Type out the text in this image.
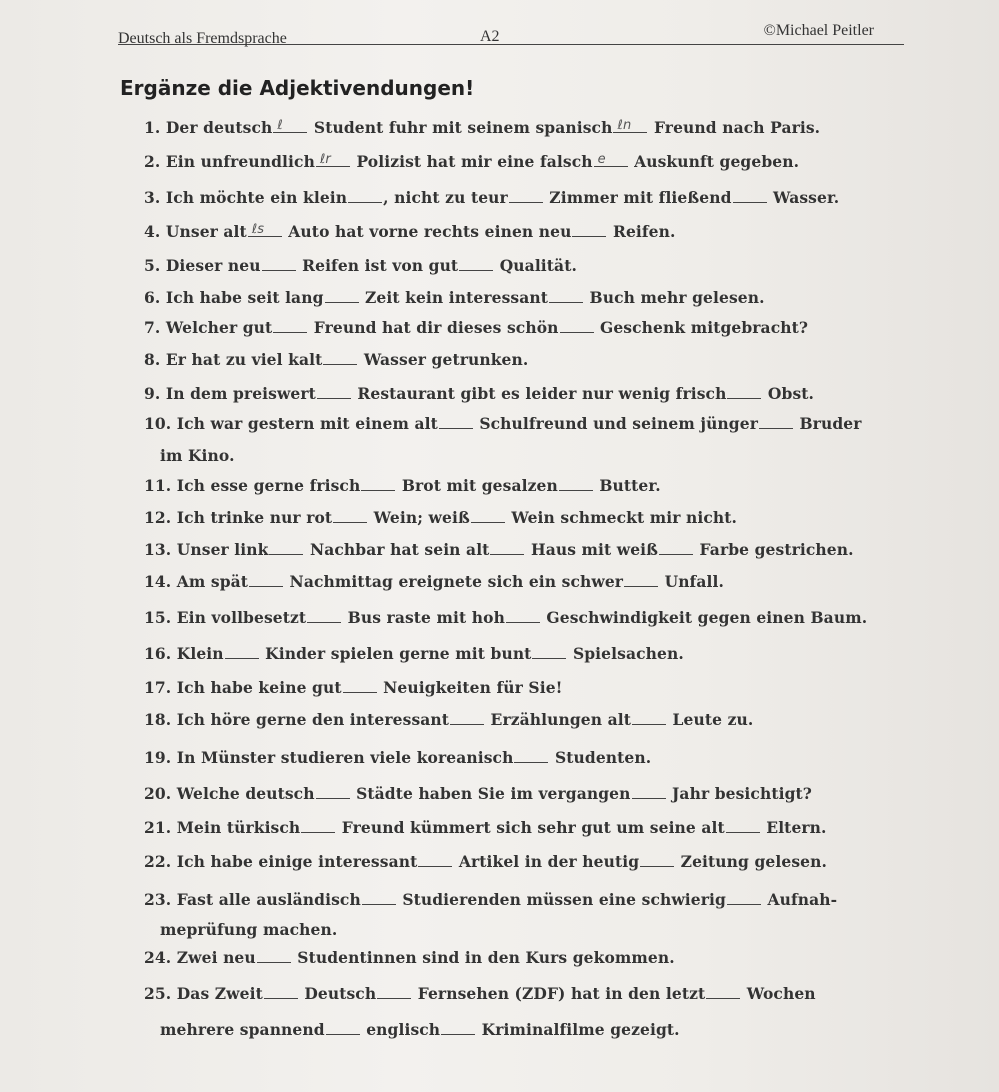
Deutsch als Fremdsprache	A2	©Michael Peitler
Ergänze die Adjektivendungen!
1. Der deutsch ℓ Student fuhr mit seinem spanisch ℓn Freund nach Paris.
2. Ein unfreundlich ℓr Polizist hat mir eine falsch e Auskunft gegeben.
3. Ich möchte ein klein , nicht zu teur Zimmer mit fließend Wasser.
4. Unser alt ℓs Auto hat vorne rechts einen neu Reifen.
5. Dieser neu Reifen ist von gut Qualität.
6. Ich habe seit lang Zeit kein interessant Buch mehr gelesen.
7. Welcher gut Freund hat dir dieses schön Geschenk mitgebracht?
8. Er hat zu viel kalt Wasser getrunken.
9. In dem preiswert Restaurant gibt es leider nur wenig frisch Obst.
10. Ich war gestern mit einem alt Schulfreund und seinem jünger Bruder
im Kino.
11. Ich esse gerne frisch Brot mit gesalzen Butter.
12. Ich trinke nur rot Wein; weiß Wein schmeckt mir nicht.
13. Unser link Nachbar hat sein alt Haus mit weiß Farbe gestrichen.
14. Am spät Nachmittag ereignete sich ein schwer Unfall.
15. Ein vollbesetzt Bus raste mit hoh Geschwindigkeit gegen einen Baum.
16. Klein Kinder spielen gerne mit bunt Spielsachen.
17. Ich habe keine gut Neuigkeiten für Sie!
18. Ich höre gerne den interessant Erzählungen alt Leute zu.
19. In Münster studieren viele koreanisch Studenten.
20. Welche deutsch Städte haben Sie im vergangen Jahr besichtigt?
21. Mein türkisch Freund kümmert sich sehr gut um seine alt Eltern.
22. Ich habe einige interessant Artikel in der heutig Zeitung gelesen.
23. Fast alle ausländisch Studierenden müssen eine schwierig Aufnah-
meprüfung machen.
24. Zwei neu Studentinnen sind in den Kurs gekommen.
25. Das Zweit Deutsch Fernsehen (ZDF) hat in den letzt Wochen
mehrere spannend englisch Kriminalfilme gezeigt.
